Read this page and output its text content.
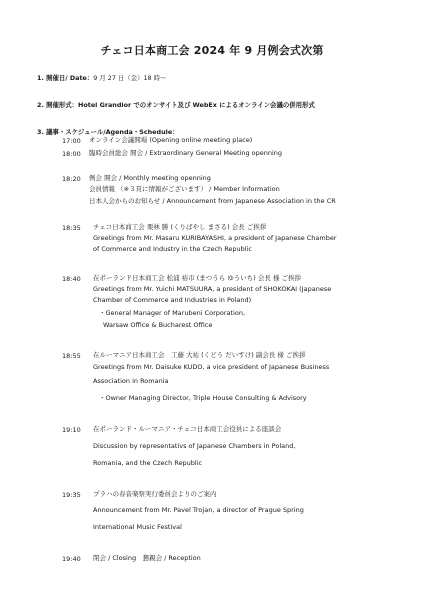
チェコ日本商工会 2024 年 9 月例会式次第
1. 開催日/ Date：9 月 27 日（金）18 時～
2. 開催形式：Hotel Grandior でのオンサイト及び WebEx によるオンライン会議の併用形式
3. 議事・スケジュール/Agenda・Schedule：
17:00 オンライン会議開場 (Opening online meeting place)
18:00 臨時会員総会 開会 / Extraordinary General Meeting openning
18:20 例会 開会 / Monthly meeting openning
会員情報 （※３頁に情報がございます） / Member Information
日本人会からのお知らせ / Announcement from Japanese Association in the CR
18:35 チェコ日本商工会 栗林 勝 (くりばやし まさる) 会長 ご挨拶
Greetings from Mr. Masaru KURIBAYASHI, a president of Japanese Chamber
of Commerce and Industry in the Czech Republic
18:40 在ポーランド日本商工会 松浦 裕市 (まつうら ゆういち) 会長 様 ご挨拶
Greetings from Mr. Yuichi MATSUURA, a president of SHOKOKAI (Japanese
Chamber of Commerce and Industries in Poland)
・General Manager of Marubeni Corporation,
Warsaw Office & Bucharest Office
18:55 在ルーマニア日本商工会　工藤 大祐 (くどう だいすけ) 副会長 様 ご挨拶
Greetings from Mr. Daisuke KUDO, a vice president of Japanese Business
Association in Romania
・Owner Managing Director, Triple House Consulting & Advisory
19:10 在ポーランド・ルーマニア・チェコ日本商工会役員による座談会
Discussion by representativs of Japanese Chambers in Poland,
Romania, and the Czech Republic
19:35 プラハの春音楽祭実行委員会よりのご案内
Announcement from Mr. Pavel Trojan, a director of Prague Spring
International Music Festival
19:40 閉会 / Closing　懇親会 / Reception
